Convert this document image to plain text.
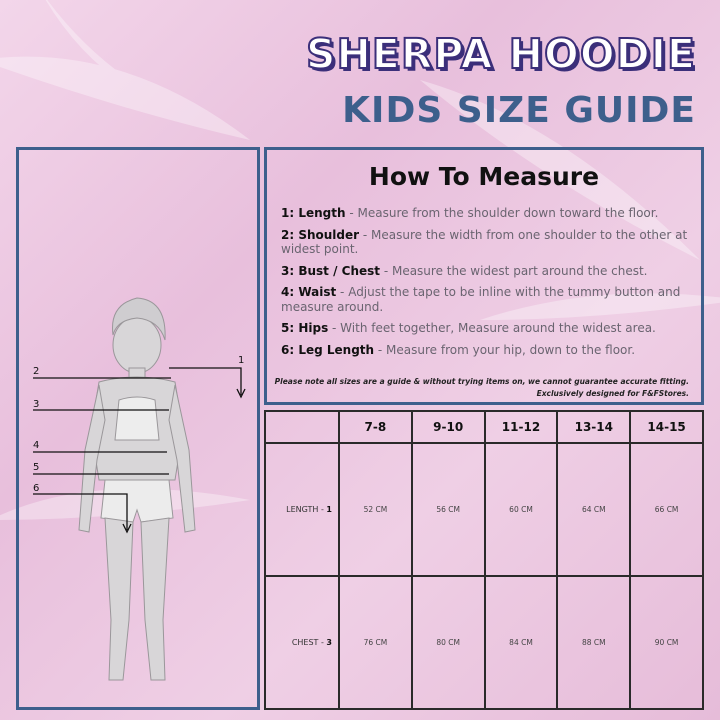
SHERPA HOODIE
KIDS SIZE GUIDE
2
3
4
5
6
1
How To Measure
1: Length - Measure from the shoulder down toward the floor.
2: Shoulder - Measure the width from one shoulder to the other at widest point.
3: Bust / Chest - Measure the widest part around the chest.
4: Waist - Adjust the tape to be inline with the tummy button and measure around.
5: Hips - With feet together, Measure around the widest area.
6: Leg Length - Measure from your hip, down to the floor.
Please note all sizes are a guide & without trying items on, we cannot guarantee accurate fitting.
Exclusively designed for F&FStores.
	7-8	9-10	11-12	13-14	14-15
LENGTH - 1	52 CM	56 CM	60 CM	64 CM	66 CM
CHEST - 3	76 CM	80 CM	84 CM	88 CM	90 CM
